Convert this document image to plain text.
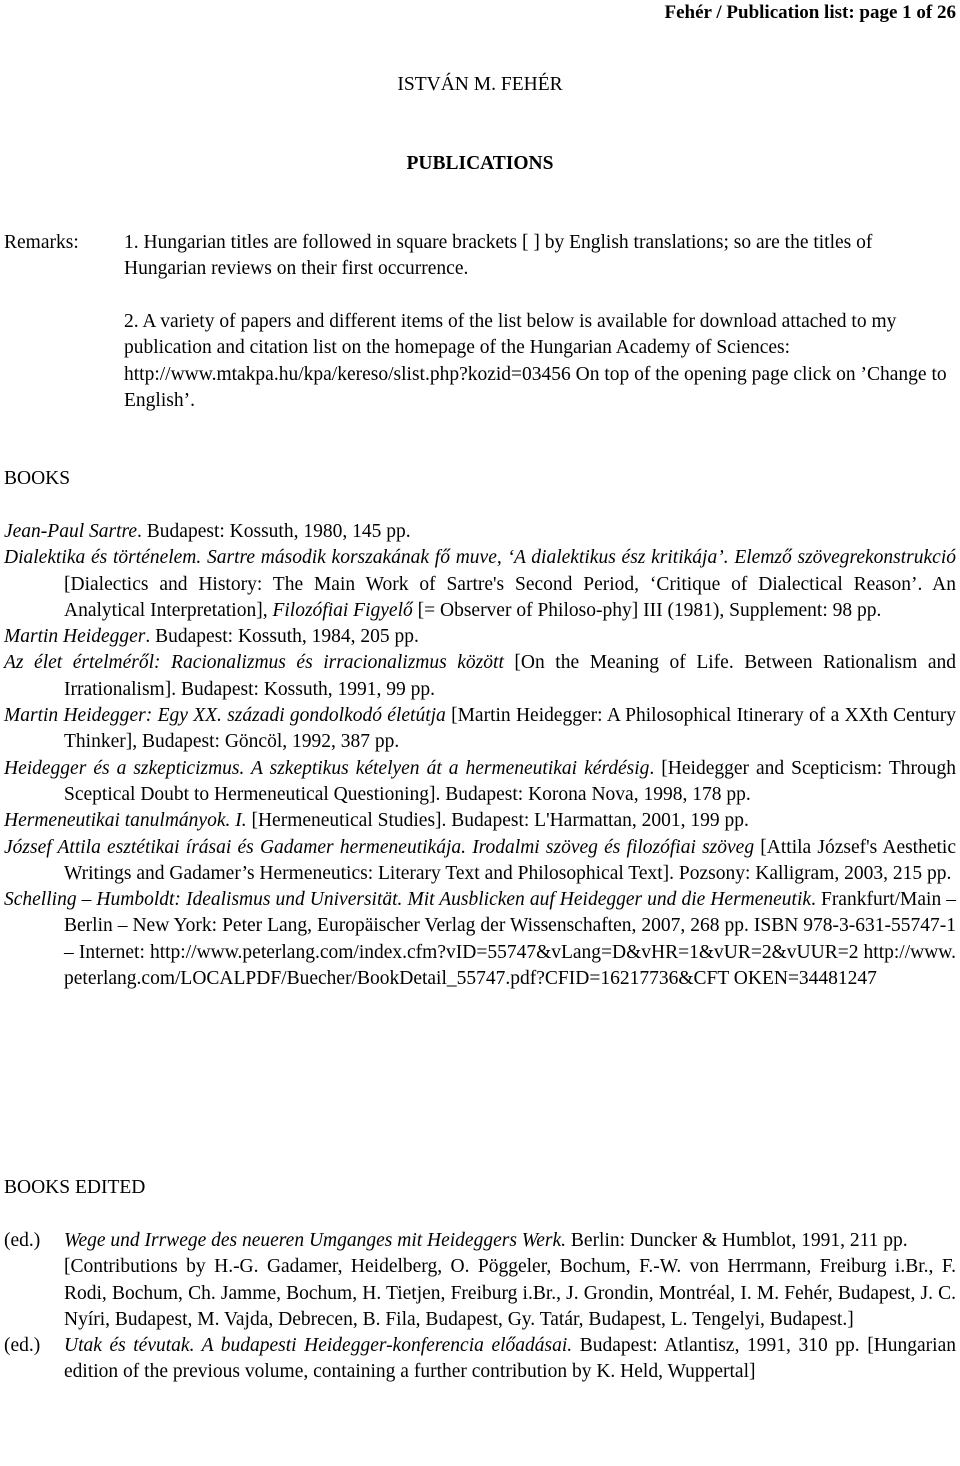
Fehér / Publication list: page 1 of 26
ISTVÁN M. FEHÉR
PUBLICATIONS
Remarks: 1. Hungarian titles are followed in square brackets [ ] by English translations; so are the titles of Hungarian reviews on their first occurrence.
2. A variety of papers and different items of the list below is available for download attached to my publication and citation list on the homepage of the Hungarian Academy of Sciences: http://www.mtakpa.hu/kpa/kereso/slist.php?kozid=03456 On top of the opening page click on ’Change to English’.
BOOKS
Jean-Paul Sartre. Budapest: Kossuth, 1980, 145 pp.
Dialektika és történelem. Sartre második korszakának fő muve, ‘A dialektikus ész kritikája’. Elemző szövegrekonstrukció [Dialectics and History: The Main Work of Sartre's Second Period, ‘Critique of Dialectical Reason’. An Analytical Interpretation], Filozófiai Figyelő [= Observer of Philoso-phy] III (1981), Supplement: 98 pp.
Martin Heidegger. Budapest: Kossuth, 1984, 205 pp.
Az élet értelméről: Racionalizmus és irracionalizmus között [On the Meaning of Life. Between Rationalism and Irrationalism]. Budapest: Kossuth, 1991, 99 pp.
Martin Heidegger: Egy XX. századi gondolkodó életútja [Martin Heidegger: A Philosophical Itinerary of a XXth Century Thinker], Budapest: Göncöl, 1992, 387 pp.
Heidegger és a szkepticizmus. A szkeptikus kételyen át a hermeneutikai kérdésig. [Heidegger and Scepticism: Through Sceptical Doubt to Hermeneutical Questioning]. Budapest: Korona Nova, 1998, 178 pp.
Hermeneutikai tanulmányok. I. [Hermeneutical Studies]. Budapest: L'Harmattan, 2001, 199 pp.
József Attila esztétikai írásai és Gadamer hermeneutikája. Irodalmi szöveg és filozófiai szöveg [Attila József's Aesthetic Writings and Gadamer’s Hermeneutics: Literary Text and Philosophical Text]. Pozsony: Kalligram, 2003, 215 pp.
Schelling – Humboldt: Idealismus und Universität. Mit Ausblicken auf Heidegger und die Hermeneutik. Frankfurt/Main – Berlin – New York: Peter Lang, Europäischer Verlag der Wissenschaften, 2007, 268 pp. ISBN 978-3-631-55747-1 – Internet: http://www.peterlang.com/index.cfm?vID=55747&vLang=D&vHR=1&vUR=2&vUUR=2 http://www.peterlang.com/LOCALPDF/Buecher/BookDetail_55747.pdf?CFID=16217736&CFT OKEN=34481247
BOOKS EDITED
(ed.)	Wege und Irrwege des neueren Umganges mit Heideggers Werk. Berlin: Duncker & Humblot, 1991, 211 pp.
[Contributions by H.-G. Gadamer, Heidelberg, O. Pöggeler, Bochum, F.-W. von Herrmann, Freiburg i.Br., F. Rodi, Bochum, Ch. Jamme, Bochum, H. Tietjen, Freiburg i.Br., J. Grondin, Montréal, I. M. Fehér, Budapest, J. C. Nyíri, Budapest, M. Vajda, Debrecen, B. Fila, Budapest, Gy. Tatár, Budapest, L. Tengelyi, Budapest.]
(ed.)	Utak és tévutak. A budapesti Heidegger-konferencia előadásai. Budapest: Atlantisz, 1991, 310 pp. [Hungarian edition of the previous volume, containing a further contribution by K. Held, Wuppertal]
